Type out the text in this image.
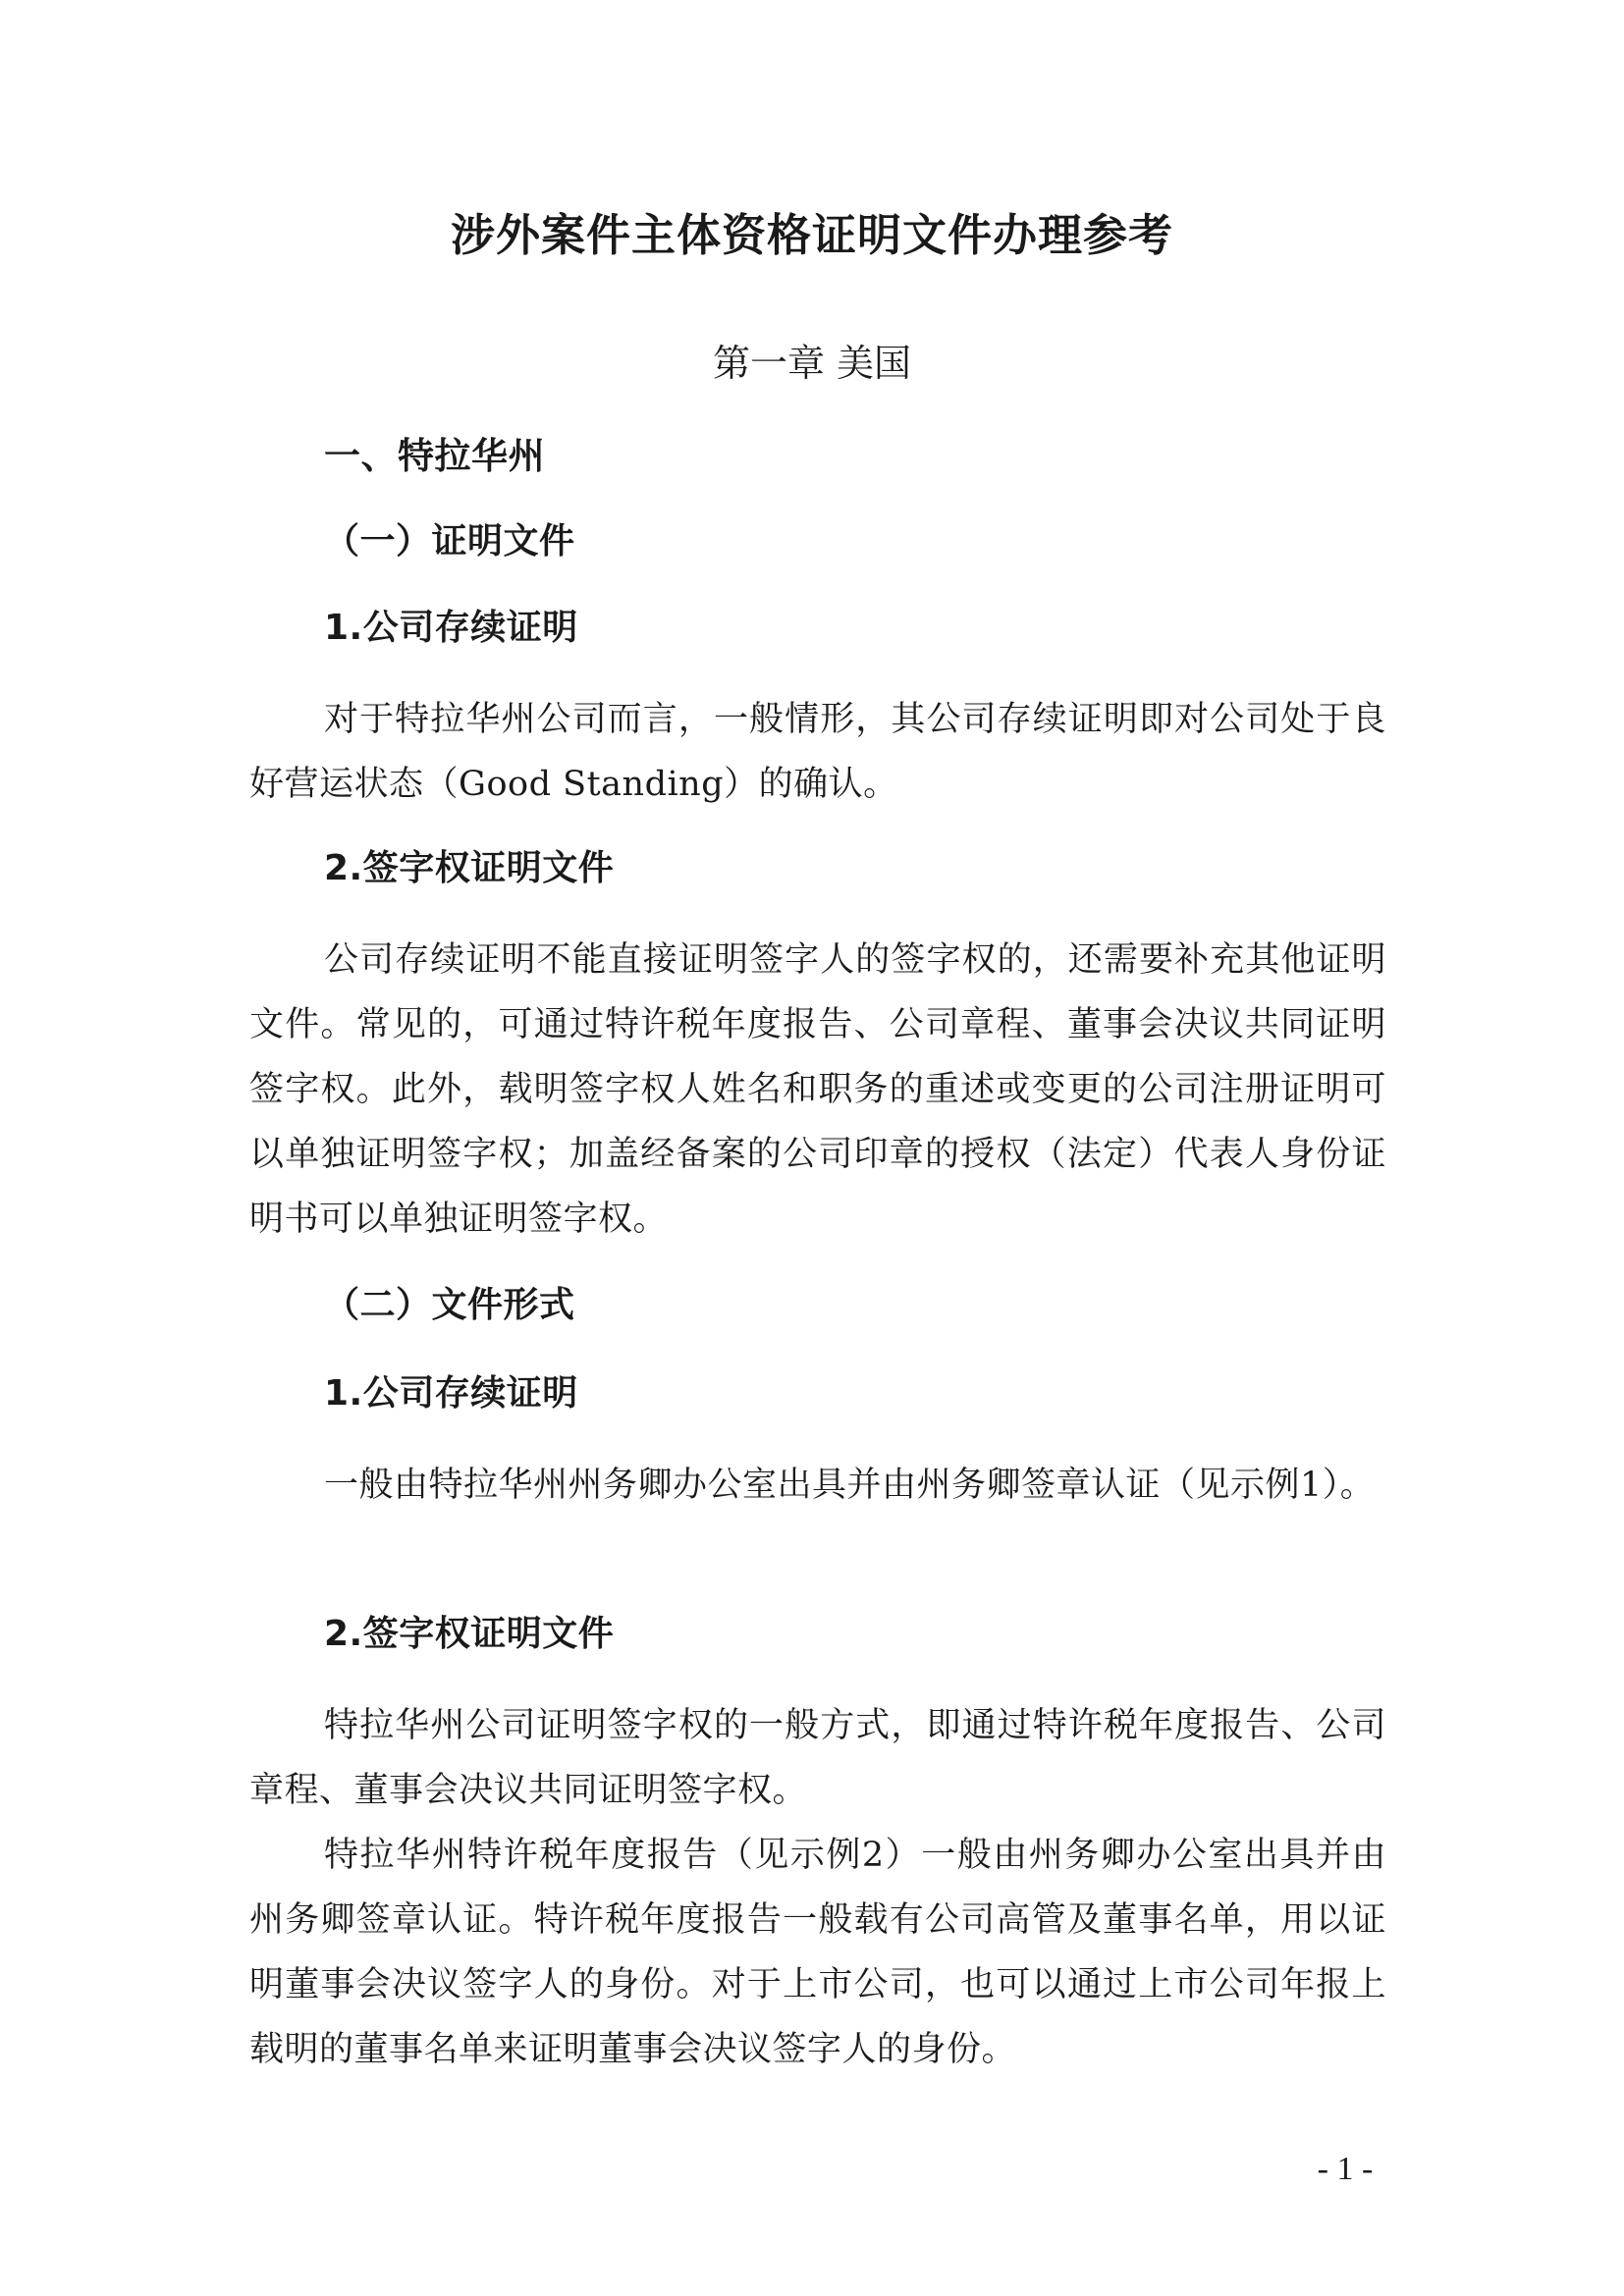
涉外案件主体资格证明文件办理参考
第一章 美国

一、特拉华州

（一）证明文件

1.公司存续证明

对于特拉华州公司而言，一般情形，其公司存续证明即对公司处于良好营运状态（Good Standing）的确认。

2.签字权证明文件

公司存续证明不能直接证明签字人的签字权的，还需要补充其他证明文件。常见的，可通过特许税年度报告、公司章程、董事会决议共同证明签字权。此外，载明签字权人姓名和职务的重述或变更的公司注册证明可以单独证明签字权；加盖经备案的公司印章的授权（法定）代表人身份证明书可以单独证明签字权。

（二）文件形式

1.公司存续证明

一般由特拉华州州务卿办公室出具并由州务卿签章认证（见示例1）。

2.签字权证明文件

特拉华州公司证明签字权的一般方式，即通过特许税年度报告、公司章程、董事会决议共同证明签字权。

特拉华州特许税年度报告（见示例2）一般由州务卿办公室出具并由州务卿签章认证。特许税年度报告一般载有公司高管及董事名单，用以证明董事会决议签字人的身份。对于上市公司，也可以通过上市公司年报上载明的董事名单来证明董事会决议签字人的身份。

- 1 -
